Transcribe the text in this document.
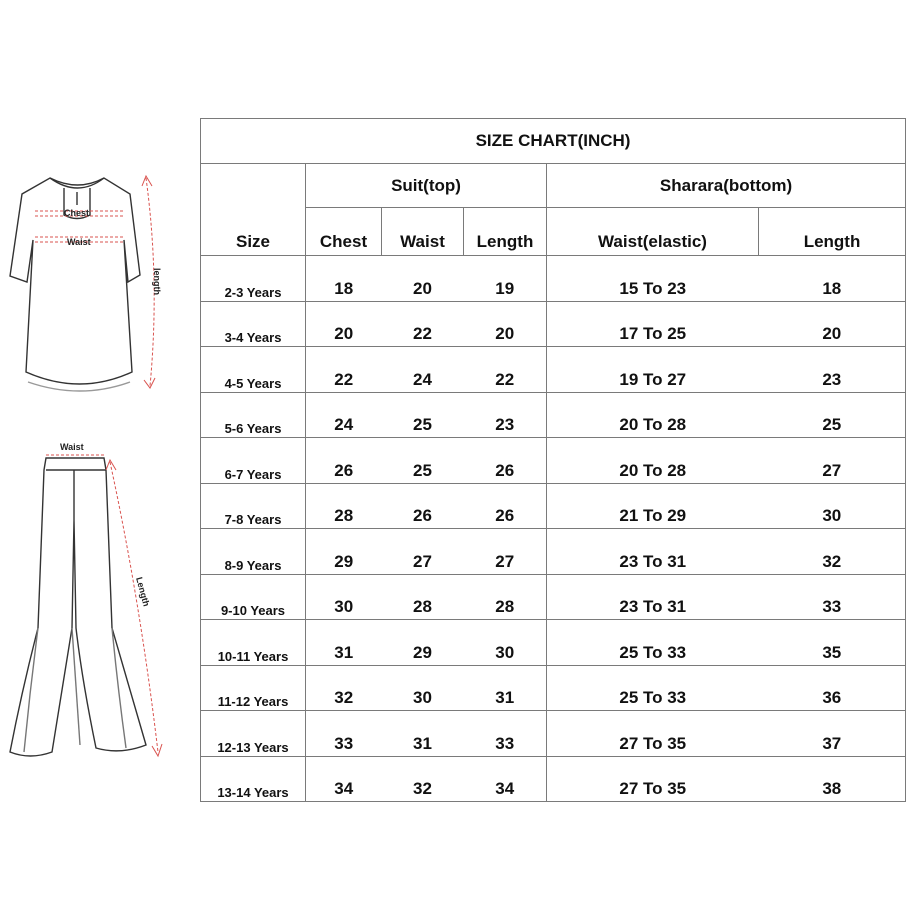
Chest
Waist
length
Waist
Length
SIZE CHART(INCH)					
Size	Suit(top)			Sharara(bottom)	
	Chest	Waist	Length	Waist(elastic)	Length
2-3 Years	18	20	19	15 To 23	18
3-4 Years	20	22	20	17 To 25	20
4-5 Years	22	24	22	19 To 27	23
5-6 Years	24	25	23	20 To 28	25
6-7 Years	26	25	26	20 To 28	27
7-8 Years	28	26	26	21 To 29	30
8-9 Years	29	27	27	23 To 31	32
9-10 Years	30	28	28	23 To 31	33
10-11 Years	31	29	30	25 To 33	35
11-12 Years	32	30	31	25 To 33	36
12-13 Years	33	31	33	27 To 35	37
13-14 Years	34	32	34	27 To 35	38
